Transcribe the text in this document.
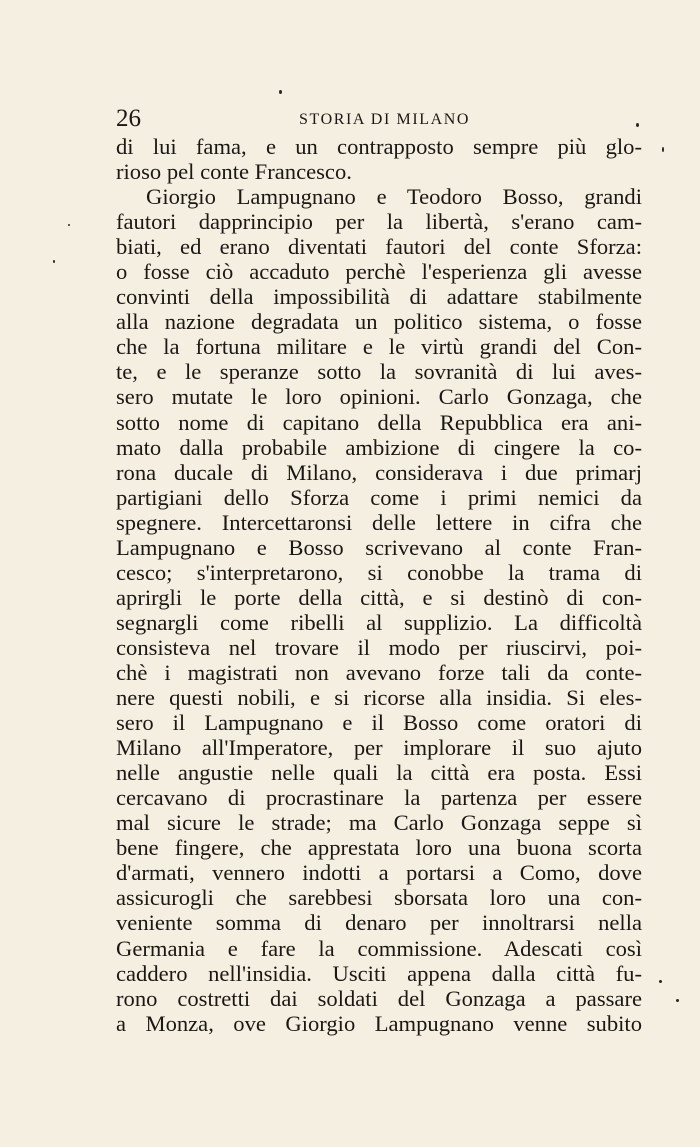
26	STORIA DI MILANO
di lui fama, e un contrapposto sempre più glo-
rioso pel conte Francesco.
Giorgio Lampugnano e Teodoro Bosso, grandi
fautori dapprincipio per la libertà, s'erano cam-
biati, ed erano diventati fautori del conte Sforza:
o fosse ciò accaduto perchè l'esperienza gli avesse
convinti della impossibilità di adattare stabilmente
alla nazione degradata un politico sistema, o fosse
che la fortuna militare e le virtù grandi del Con-
te, e le speranze sotto la sovranità di lui aves-
sero mutate le loro opinioni. Carlo Gonzaga, che
sotto nome di capitano della Repubblica era ani-
mato dalla probabile ambizione di cingere la co-
rona ducale di Milano, considerava i due primarj
partigiani dello Sforza come i primi nemici da
spegnere. Intercettaronsi delle lettere in cifra che
Lampugnano e Bosso scrivevano al conte Fran-
cesco; s'interpretarono, si conobbe la trama di
aprirgli le porte della città, e si destinò di con-
segnargli come ribelli al supplizio. La difficoltà
consisteva nel trovare il modo per riuscirvi, poi-
chè i magistrati non avevano forze tali da conte-
nere questi nobili, e si ricorse alla insidia. Si eles-
sero il Lampugnano e il Bosso come oratori di
Milano all'Imperatore, per implorare il suo ajuto
nelle angustie nelle quali la città era posta. Essi
cercavano di procrastinare la partenza per essere
mal sicure le strade; ma Carlo Gonzaga seppe sì
bene fingere, che apprestata loro una buona scorta
d'armati, vennero indotti a portarsi a Como, dove
assicurogli che sarebbesi sborsata loro una con-
veniente somma di denaro per innoltrarsi nella
Germania e fare la commissione. Adescati così
caddero nell'insidia. Usciti appena dalla città fu-
rono costretti dai soldati del Gonzaga a passare
a Monza, ove Giorgio Lampugnano venne subito
